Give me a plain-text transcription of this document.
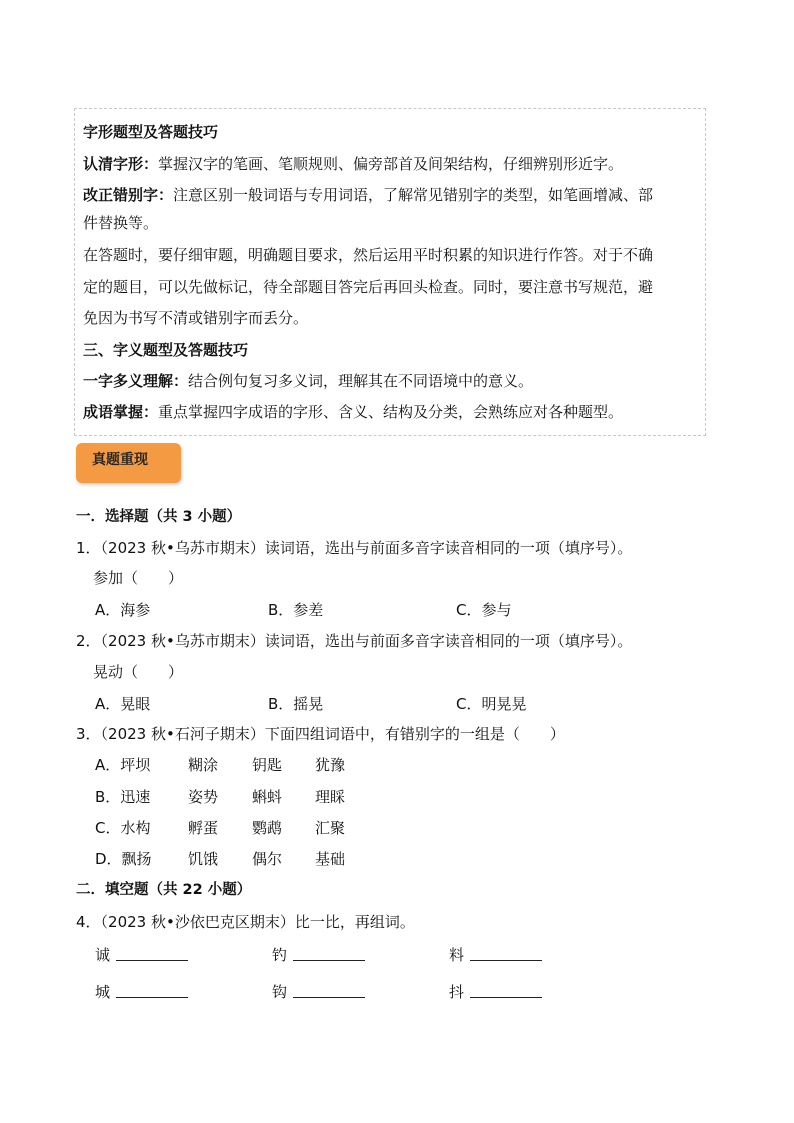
字形题型及答题技巧
认清字形：掌握汉字的笔画、笔顺规则、偏旁部首及间架结构，仔细辨别形近字。
改正错别字：注意区别一般词语与专用词语，了解常见错别字的类型，如笔画增减、部
件替换等。
在答题时，要仔细审题，明确题目要求，然后运用平时积累的知识进行作答。对于不确
定的题目，可以先做标记，待全部题目答完后再回头检查。同时，要注意书写规范，避
免因为书写不清或错别字而丢分。
三、字义题型及答题技巧
一字多义理解：结合例句复习多义词，理解其在不同语境中的意义。
成语掌握：重点掌握四字成语的字形、含义、结构及分类，会熟练应对各种题型。
真题重现
一．选择题（共 3 小题）
1．（2023 秋•乌苏市期末）读词语，选出与前面多音字读音相同的一项（填序号）。
参加（　　）
A．海参	B．参差	C．参与
2．（2023 秋•乌苏市期末）读词语，选出与前面多音字读音相同的一项（填序号）。
晃动（　　）
A．晃眼	B．摇晃	C．明晃晃
3．（2023 秋•石河子期末）下面四组词语中，有错别字的一组是（　　）
A．坪坝	糊涂 钥匙 犹豫
B．迅速	姿势 蝌蚪 理睬
C．水构	孵蛋 鹦鹉 汇聚
D．飘扬 饥饿 偶尔 基础
二．填空题（共 22 小题）
4．（2023 秋•沙依巴克区期末）比一比，再组词。
诚	钓	料
城	钩	抖
